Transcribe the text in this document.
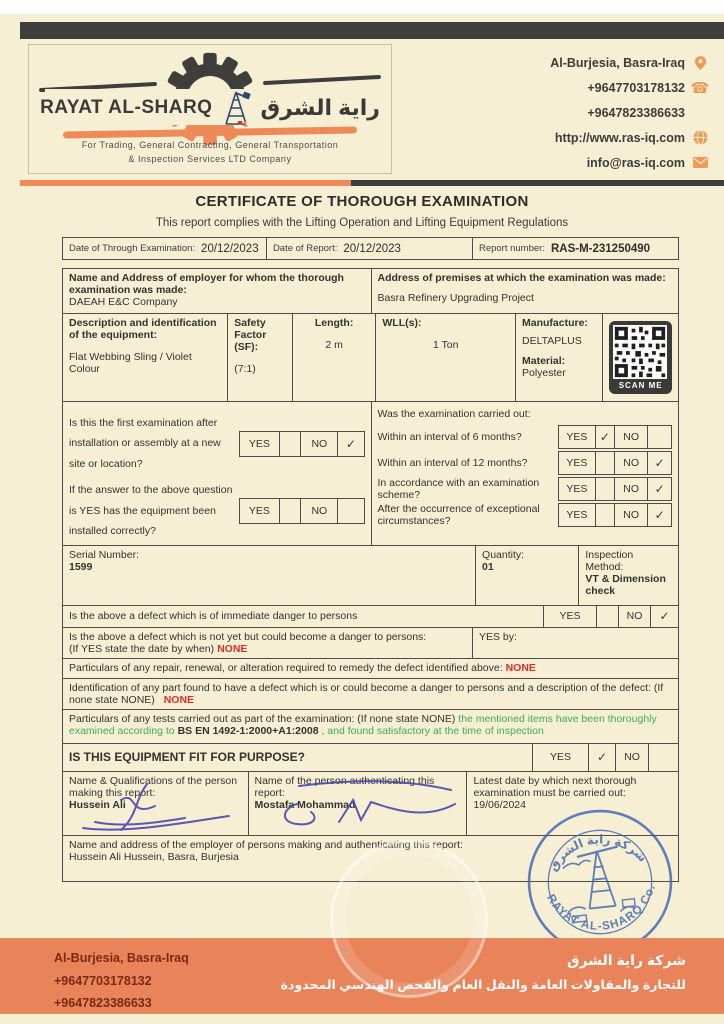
RAYAT AL-SHARQ راية الشرق
For Trading, General Contracting, General Transportation
& Inspection Services LTD Company
Al-Burjesia, Basra-Iraq
+9647703178132 ☎
+9647823386633
http://www.ras-iq.com
info@ras-iq.com
CERTIFICATE OF THOROUGH EXAMINATION
This report complies with the Lifting Operation and Lifting Equipment Regulations
Date of Through Examination: 20/12/2023 Date of Report: 20/12/2023	Report number: RAS-M-231250490
Name and Address of employer for whom the thorough examination was made:
DAEAH E&C Company
Address of premises at which the examination was made:
Basra Refinery Upgrading Project
Description and identification of the equipment:
Flat Webbing Sling / Violet Colour
Safety Factor (SF):
(7:1)
Length:
2 m
WLL(s):
1 Ton
Manufacture:
DELTAPLUS
Material:
Polyester
SCAN ME
Is this the first examination after installation or assembly at a new site or location?
YES	NO	✓
If the answer to the above question is YES has the equipment been installed correctly?
YES	NO
Was the examination carried out:
Within an interval of 6 months?	YES	✓	NO
Within an interval of 12 months?	YES	NO	✓
In accordance with an examination scheme?	YES	NO	✓
After the occurrence of exceptional circumstances?	YES	NO	✓
Serial Number:
1599
Quantity:
01
Inspection Method:
VT & Dimension check
Is the above a defect which is of immediate danger to persons	YES	NO	✓
Is the above a defect which is not yet but could become a danger to persons:
(If YES state the date by when) NONE
YES by:
Particulars of any repair, renewal, or alteration required to remedy the defect identified above: NONE
Identification of any part found to have a defect which is or could become a danger to persons and a description of the defect: (If none state NONE) NONE
Particulars of any tests carried out as part of the examination: (If none state NONE) the mentioned items have been thoroughly examined according to BS EN 1492-1:2000+A1:2008 , and found satisfactory at the time of inspection
IS THIS EQUIPMENT FIT FOR PURPOSE?	YES	✓	NO
Name & Qualifications of the person making this report:
Hussein Ali
Name of the person authenticating this report:
Mostafa Mohammad
Latest date by which next thorough examination must be carried out:
19/06/2024
Name and address of the employer of persons making and authenticating this report:
Hussein Ali Hussein, Basra, Burjesia	شركة راية الشرق
RAYAT AL-SHARQ Co.
Al-Burjesia, Basra-Iraq
+9647703178132
+9647823386633
شركة راية الشرق
للتجارة والمقاولات العامة والنقل العام والفحص الهندسي المحدودة
